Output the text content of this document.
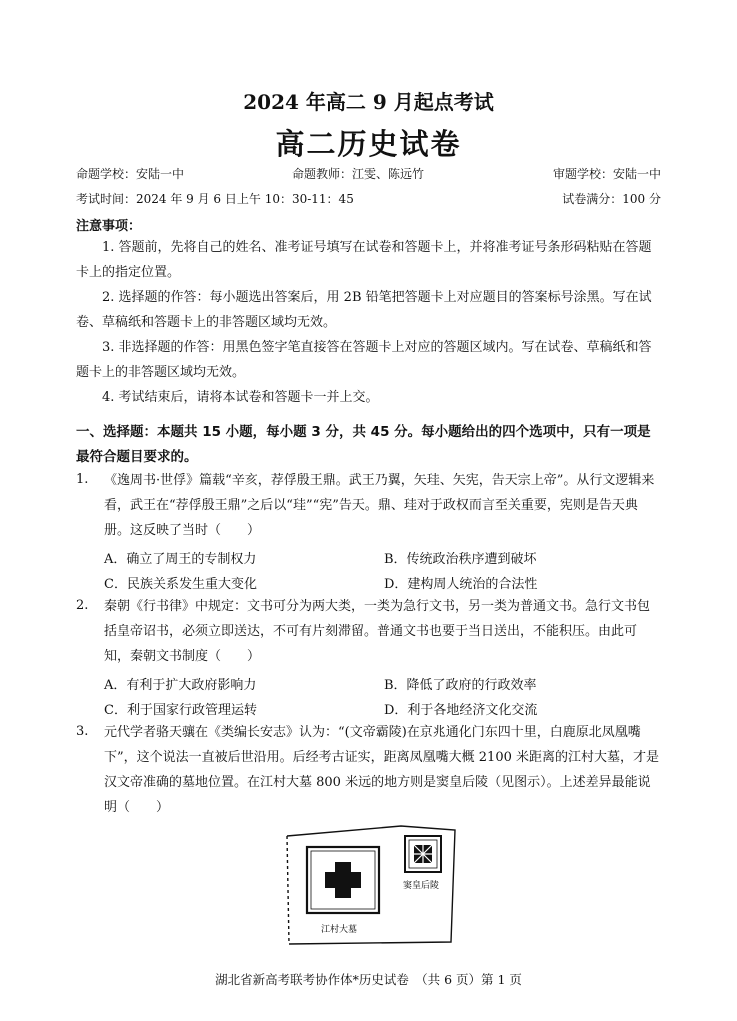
2024 年高二 9 月起点考试
高二历史试卷
命题学校：安陆一中	命题教师：江雯、陈远竹	审题学校：安陆一中
考试时间：2024 年 9 月 6 日上午 10：30-11：45	试卷满分：100 分
注意事项：
1. 答题前，先将自己的姓名、准考证号填写在试卷和答题卡上，并将准考证号条形码粘贴在答题卡上的指定位置。
2. 选择题的作答：每小题选出答案后，用 2B 铅笔把答题卡上对应题目的答案标号涂黑。写在试卷、草稿纸和答题卡上的非答题区域均无效。
3. 非选择题的作答：用黑色签字笔直接答在答题卡上对应的答题区域内。写在试卷、草稿纸和答题卡上的非答题区域均无效。
4. 考试结束后，请将本试卷和答题卡一并上交。
一、选择题：本题共 15 小题，每小题 3 分，共 45 分。每小题给出的四个选项中，只有一项是最符合题目要求的。
1. 《逸周书·世俘》篇载“辛亥，荐俘殷王鼎。武王乃翼，矢珪、矢宪，告天宗上帝”。从行文逻辑来看，武王在“荐俘殷王鼎”之后以“珪”“宪”告天。鼎、珪对于政权而言至关重要，宪则是告天典册。这反映了当时（　　）
A．确立了周王的专制权力	B．传统政治秩序遭到破坏
C．民族关系发生重大变化	D．建构周人统治的合法性
2. 秦朝《行书律》中规定：文书可分为两大类，一类为急行文书，另一类为普通文书。急行文书包括皇帝诏书，必须立即送达，不可有片刻滞留。普通文书也要于当日送出，不能积压。由此可知，秦朝文书制度（　　）
A．有利于扩大政府影响力	B．降低了政府的行政效率
C．利于国家行政管理运转	D．利于各地经济文化交流
3. 元代学者骆天骧在《类编长安志》认为：“(文帝霸陵)在京兆通化门东四十里，白鹿原北凤凰嘴下”，这个说法一直被后世沿用。后经考古证实，距离凤凰嘴大概 2100 米距离的江村大墓，才是汉文帝准确的墓地位置。在江村大墓 800 米远的地方则是窦皇后陵（见图示）。上述差异最能说明（　　）
江村大墓
窦皇后陵
湖北省新高考联考协作体*历史试卷　（共 6 页）第 1 页
